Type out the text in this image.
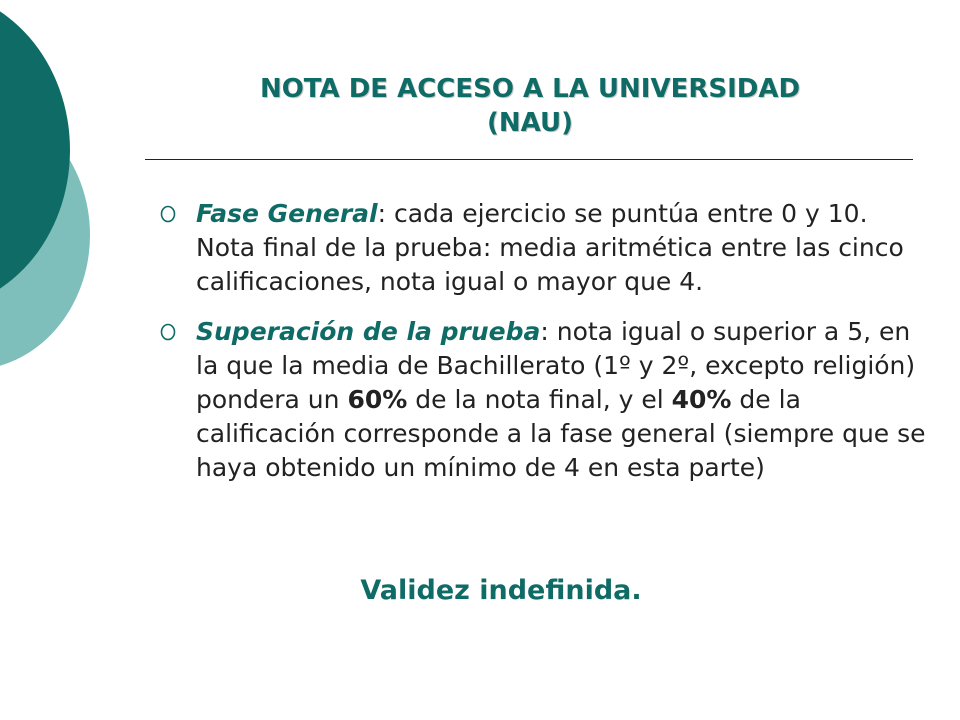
NOTA DE ACCESO A LA UNIVERSIDAD
(NAU)
Fase General: cada ejercicio se puntúa entre 0 y 10. Nota final de la prueba: media aritmética entre las cinco calificaciones, nota igual o mayor que 4.
Superación de la prueba: nota igual o superior a 5, en la que la media de Bachillerato (1º y 2º, excepto religión) pondera un 60% de la nota final, y el 40% de la calificación corresponde a la fase general (siempre que se haya obtenido un mínimo de 4 en esta parte)
Validez indefinida.
